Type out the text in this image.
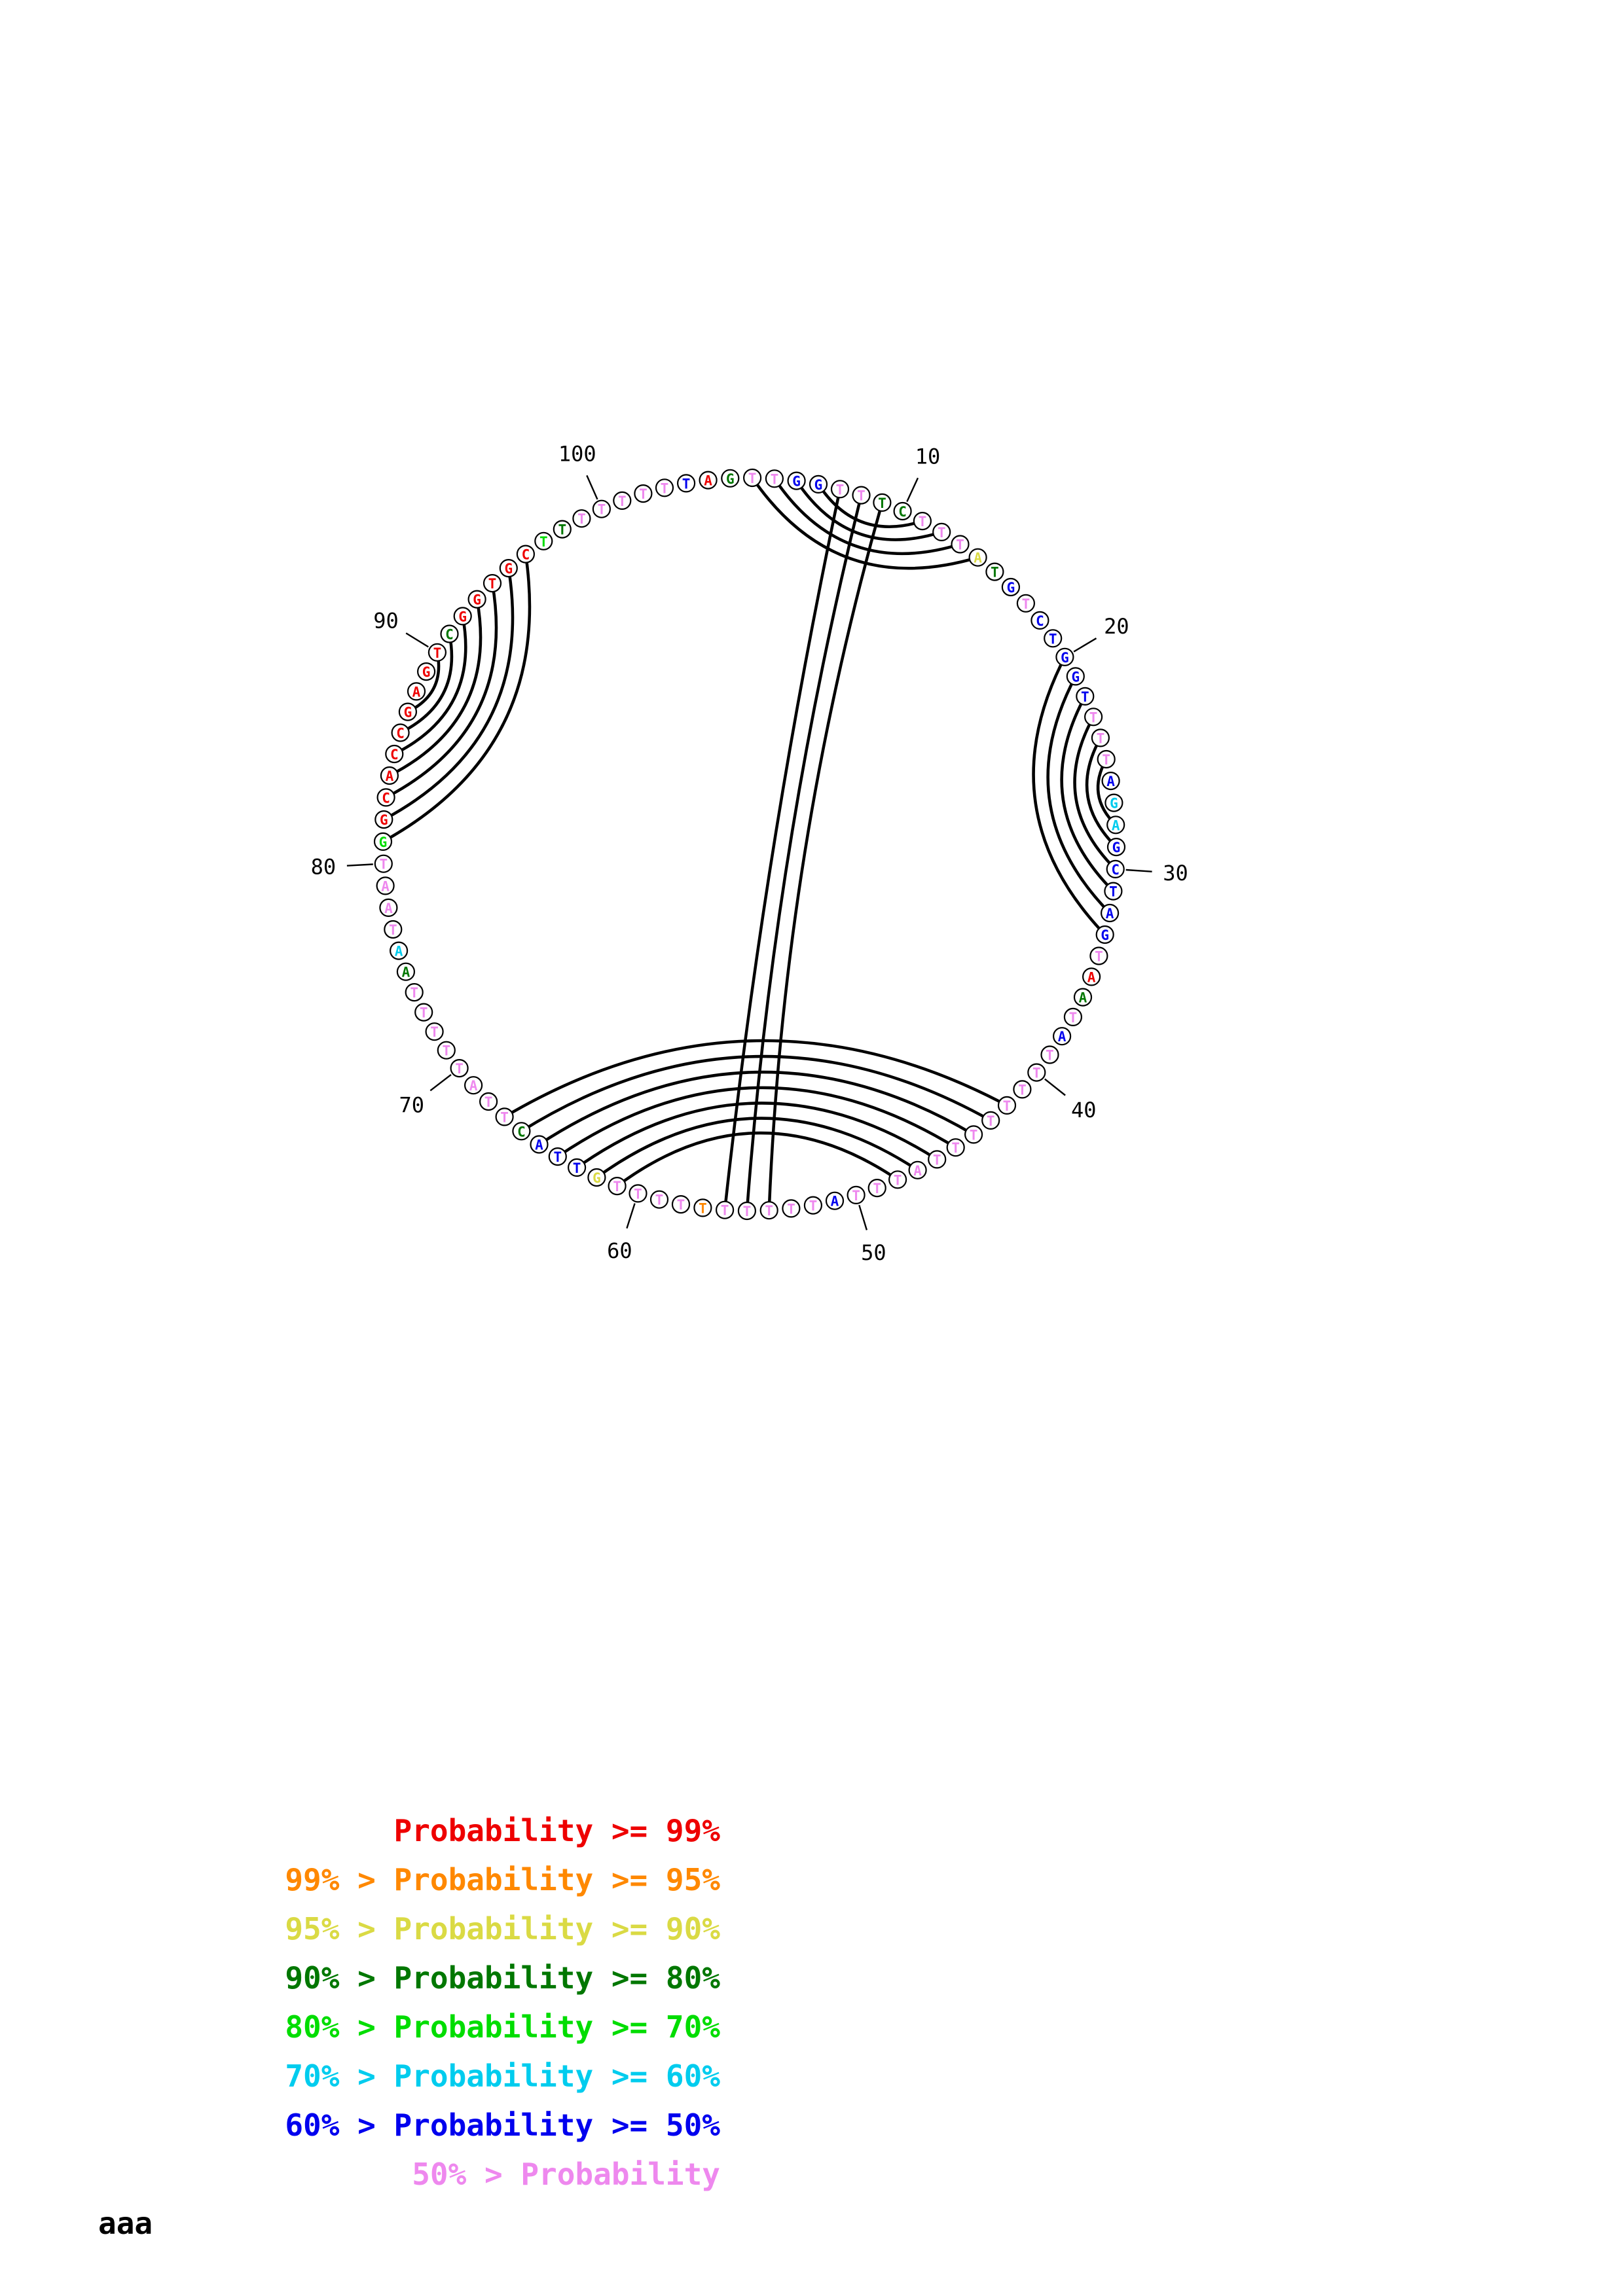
10
20
30
40
50
60
70
80
90
100
A G T T G G T T T
C
T
T
T
A
T
G
T
C
T
G
G
T
T
T
T
A
G
A
G
C
T
A
G
T
A
A
T
A
T
T
T
T
T
T
T
T
A
T
T
T
A
T
T
T
T
T
T
T
T
T
T
G
T
T
A
C
T
T
A
T
T
T
T
T
A
A
T
A
A
T
G
G
C
A
C
C
G
A
G
T
C
G
G
T
G
C
T
T
T
T
T T T T
Probability >= 99%
99% > Probability >= 95%
95% > Probability >= 90%
90% > Probability >= 80%
80% > Probability >= 70%
70% > Probability >= 60%
60% > Probability >= 50%
50% > Probability
aaa
